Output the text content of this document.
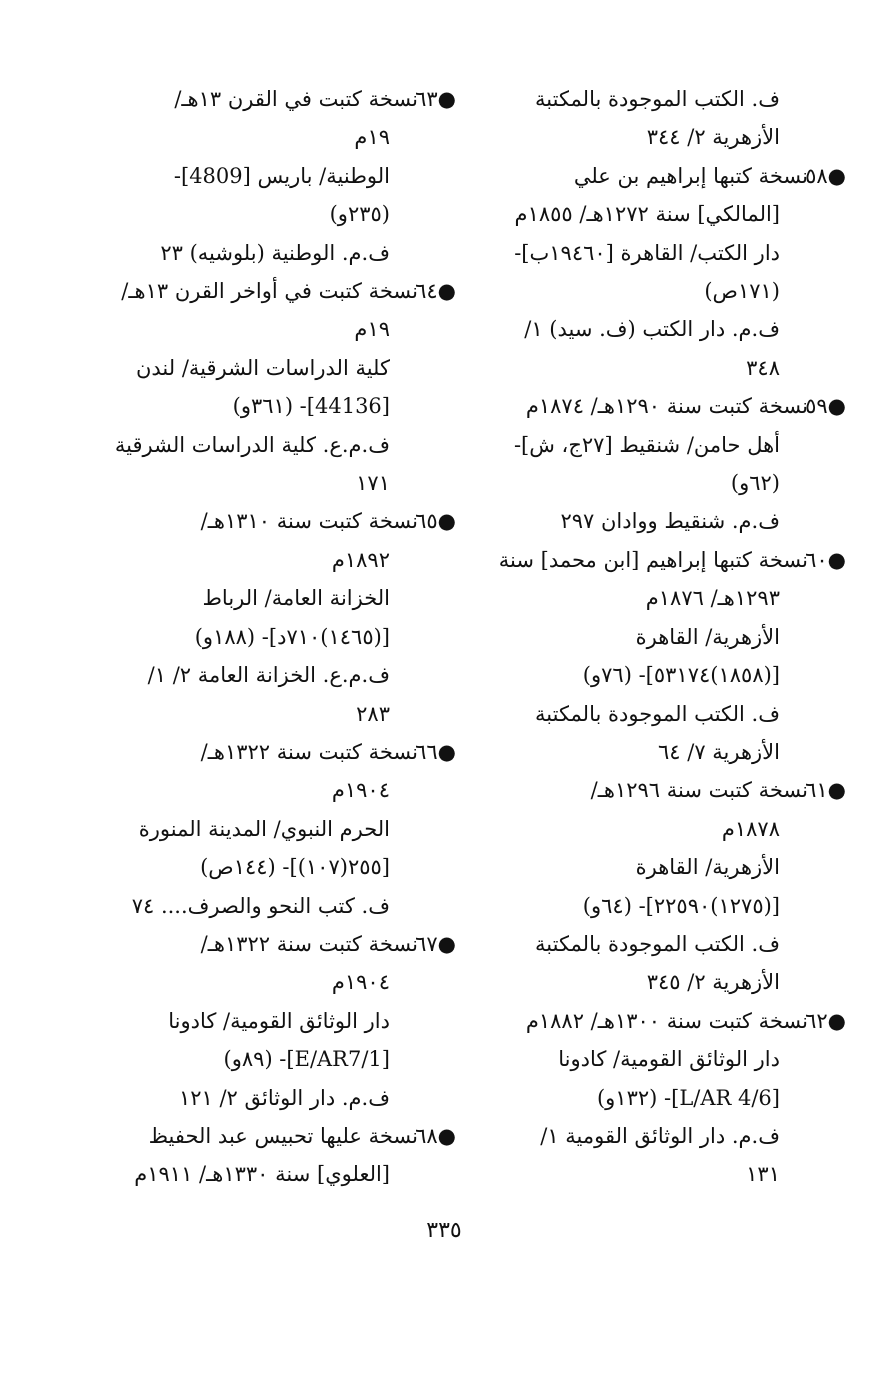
ف. الكتب الموجودة بالمكتبة
الأزهرية ٢/ ٣٤٤
●٥٨
نسخة كتبها إبراهيم بن علي
[المالكي] سنة ١٢٧٢هـ/ ١٨٥٥م
دار الكتب/ القاهرة [١٩٤٦٠ب]-
(١٧١ص)
ف.م. دار الكتب (ف. سيد) ١/
٣٤٨
●٥٩
نسخة كتبت سنة ١٢٩٠هـ/ ١٨٧٤م
أهل حامن/ شنقيط [٢٧ج، ش]-
(٦٢و)
ف.م. شنقيط ووادان ٢٩٧
●٦٠
نسخة كتبها إبراهيم [ابن محمد] سنة
١٢٩٣هـ/ ١٨٧٦م
الأزهرية/ القاهرة
[(١٨٥٨)٥٣١٧٤]- (٧٦و)
ف. الكتب الموجودة بالمكتبة
الأزهرية ٧/ ٦٤
●٦١
نسخة كتبت سنة ١٢٩٦هـ/
١٨٧٨م
الأزهرية/ القاهرة
[(١٢٧٥)٢٢٥٩٠]- (٦٤و)
ف. الكتب الموجودة بالمكتبة
الأزهرية ٢/ ٣٤٥
●٦٢
نسخة كتبت سنة ١٣٠٠هـ/ ١٨٨٢م
دار الوثائق القومية/ كادونا
[L/AR 4/6]- (١٣٢و)
ف.م. دار الوثائق القومية ١/
١٣١
●٦٣
نسخة كتبت في القرن ١٣هـ/
١٩م
الوطنية/ باريس [4809]-
(٢٣٥و)
ف.م. الوطنية (بلوشيه) ٢٣
●٦٤
نسخة كتبت في أواخر القرن ١٣هـ/
١٩م
كلية الدراسات الشرقية/ لندن
[44136]- (٣٦١و)
ف.م.ع. كلية الدراسات الشرقية
١٧١
●٦٥
نسخة كتبت سنة ١٣١٠هـ/
١٨٩٢م
الخزانة العامة/ الرباط
[(١٤٦٥)٧١٠د]- (١٨٨و)
ف.م.ع. الخزانة العامة ٢/ ١/
٢٨٣
●٦٦
نسخة كتبت سنة ١٣٢٢هـ/
١٩٠٤م
الحرم النبوي/ المدينة المنورة
[٢٥٥(١٠٧)]- (١٤٤ص)
ف. كتب النحو والصرف.... ٧٤
●٦٧
نسخة كتبت سنة ١٣٢٢هـ/
١٩٠٤م
دار الوثائق القومية/ كادونا
[E/AR7/1]- (٨٩و)
ف.م. دار الوثائق ٢/ ١٢١
●٦٨
نسخة عليها تحبيس عبد الحفيظ
[العلوي] سنة ١٣٣٠هـ/ ١٩١١م
٣٣٥
